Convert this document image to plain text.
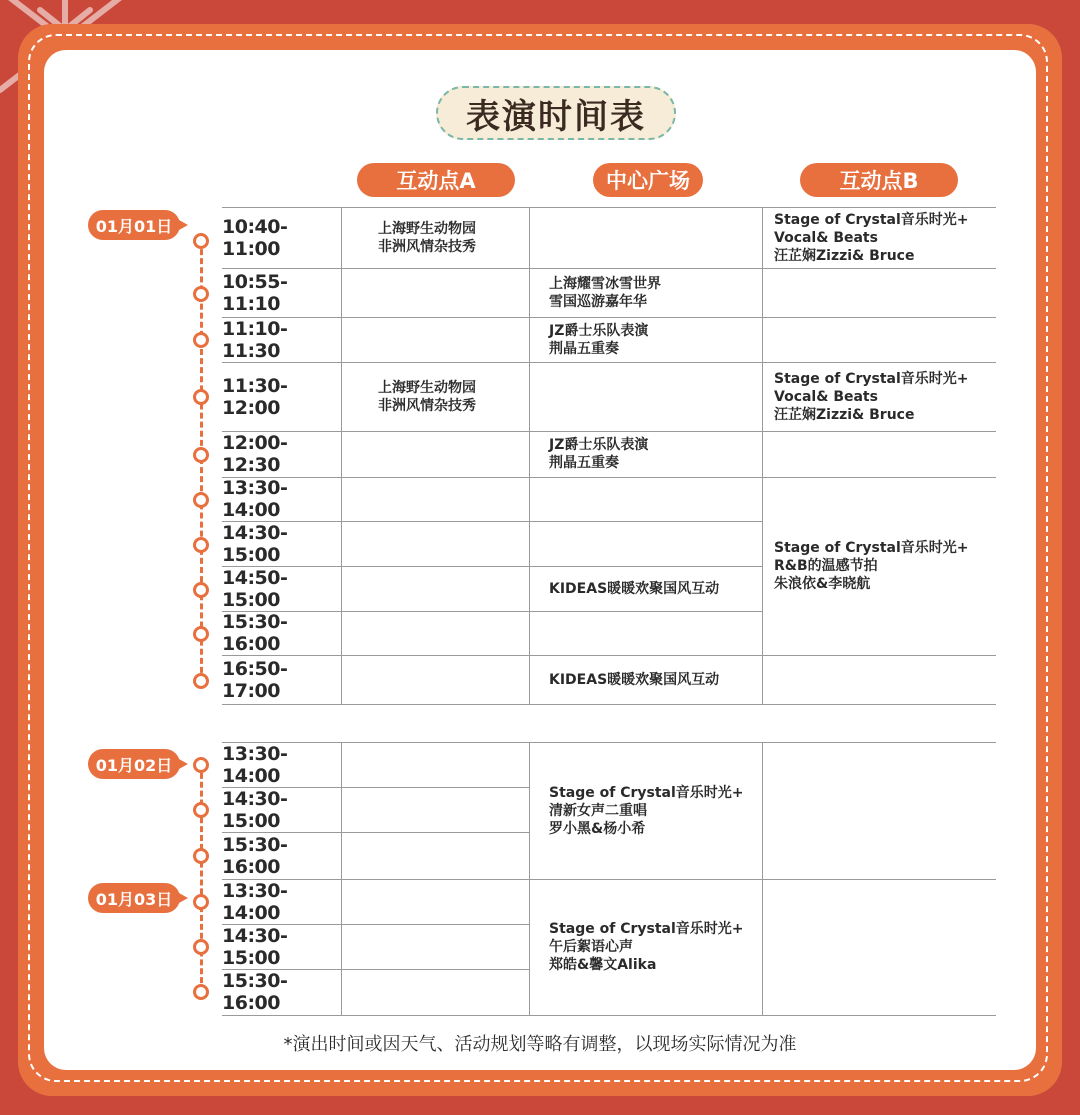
表演时间表
互动点A	中心广场	互动点B
01月01日
01月02日
01月03日
10:40-11:00
10:55-11:10
11:10-11:30
11:30-12:00
12:00-12:30
13:30-14:00
14:30-15:00
14:50-15:00
15:30-16:00
16:50-17:00
13:30-14:00
14:30-15:00
15:30-16:00
13:30-14:00
14:30-15:00
15:30-16:00
上海野生动物园
非洲风情杂技秀
上海野生动物园
非洲风情杂技秀
上海耀雪冰雪世界
雪国巡游嘉年华
JZ爵士乐队表演
荆晶五重奏
JZ爵士乐队表演
荆晶五重奏
KIDEAS暖暖欢聚国风互动
KIDEAS暖暖欢聚国风互动
Stage of Crystal音乐时光+
清新女声二重唱
罗小黑&杨小希
Stage of Crystal音乐时光+
午后絮语心声
郑皓&馨文Alika
Stage of Crystal音乐时光+
Vocal& Beats
汪芷娴Zizzi& Bruce
Stage of Crystal音乐时光+
Vocal& Beats
汪芷娴Zizzi& Bruce
Stage of Crystal音乐时光+
R&B的温感节拍
朱浪依&李晓航
*演出时间或因天气、活动规划等略有调整，以现场实际情况为准
